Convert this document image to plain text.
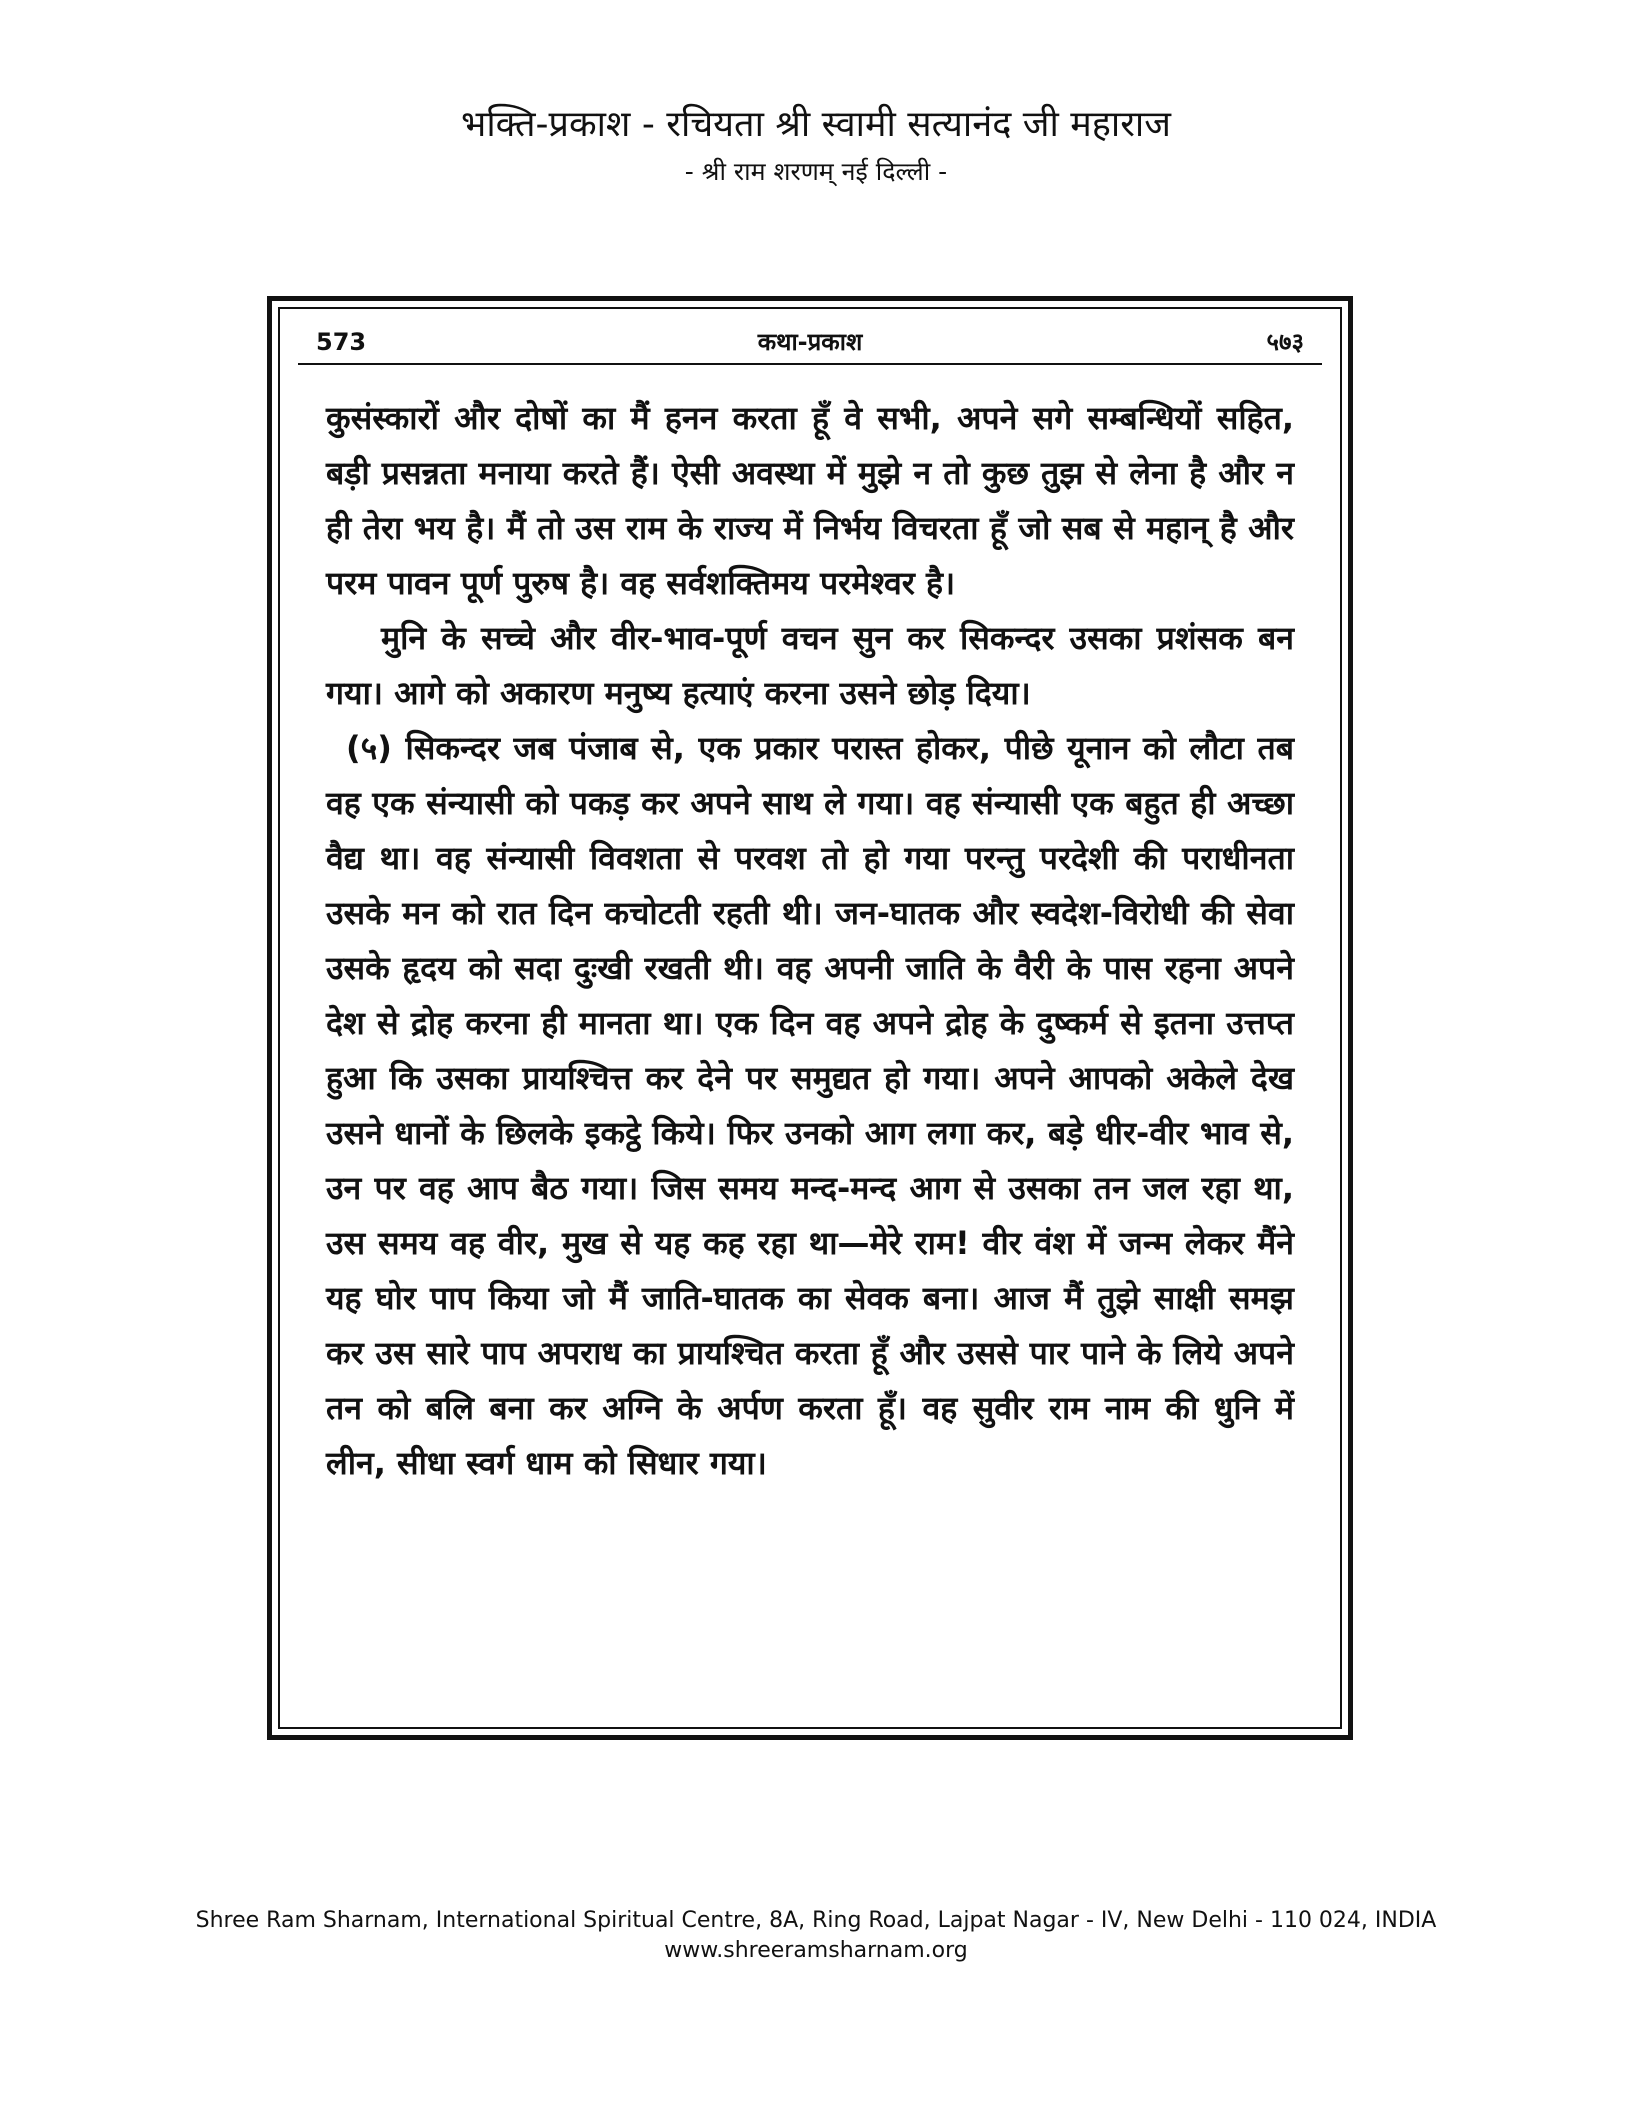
भक्ति-प्रकाश - रचियता श्री स्वामी सत्यानंद जी महाराज
- श्री राम शरणम् नई दिल्ली -
573	कथा-प्रकाश	५७३

कुसंस्कारों और दोषों का मैं हनन करता हूँ वे सभी, अपने सगे सम्बन्धियों सहित, बड़ी प्रसन्नता मनाया करते हैं। ऐसी अवस्था में मुझे न तो कुछ तुझ से लेना है और न ही तेरा भय है। मैं तो उस राम के राज्य में निर्भय विचरता हूँ जो सब से महान् है और परम पावन पूर्ण पुरुष है। वह सर्वशक्तिमय परमेश्वर है।

मुनि के सच्चे और वीर-भाव-पूर्ण वचन सुन कर सिकन्दर उसका प्रशंसक बन गया। आगे को अकारण मनुष्य हत्याएं करना उसने छोड़ दिया।

(५) सिकन्दर जब पंजाब से, एक प्रकार परास्त होकर, पीछे यूनान को लौटा तब वह एक संन्यासी को पकड़ कर अपने साथ ले गया। वह संन्यासी एक बहुत ही अच्छा वैद्य था। वह संन्यासी विवशता से परवश तो हो गया परन्तु परदेशी की पराधीनता उसके मन को रात दिन कचोटती रहती थी। जन-घातक और स्वदेश-विरोधी की सेवा उसके हृदय को सदा दुःखी रखती थी। वह अपनी जाति के वैरी के पास रहना अपने देश से द्रोह करना ही मानता था। एक दिन वह अपने द्रोह के दुष्कर्म से इतना उत्तप्त हुआ कि उसका प्रायश्चित्त कर देने पर समुद्यत हो गया। अपने आपको अकेले देख उसने धानों के छिलके इकट्ठे किये। फिर उनको आग लगा कर, बड़े धीर-वीर भाव से, उन पर वह आप बैठ गया। जिस समय मन्द-मन्द आग से उसका तन जल रहा था, उस समय वह वीर, मुख से यह कह रहा था—मेरे राम! वीर वंश में जन्म लेकर मैंने यह घोर पाप किया जो मैं जाति-घातक का सेवक बना। आज मैं तुझे साक्षी समझ कर उस सारे पाप अपराध का प्रायश्चित करता हूँ और उससे पार पाने के लिये अपने तन को बलि बना कर अग्नि के अर्पण करता हूँ। वह सुवीर राम नाम की धुनि में लीन, सीधा स्वर्ग धाम को सिधार गया।

Shree Ram Sharnam, International Spiritual Centre, 8A, Ring Road, Lajpat Nagar - IV, New Delhi - 110 024, INDIA
www.shreeramsharnam.org
